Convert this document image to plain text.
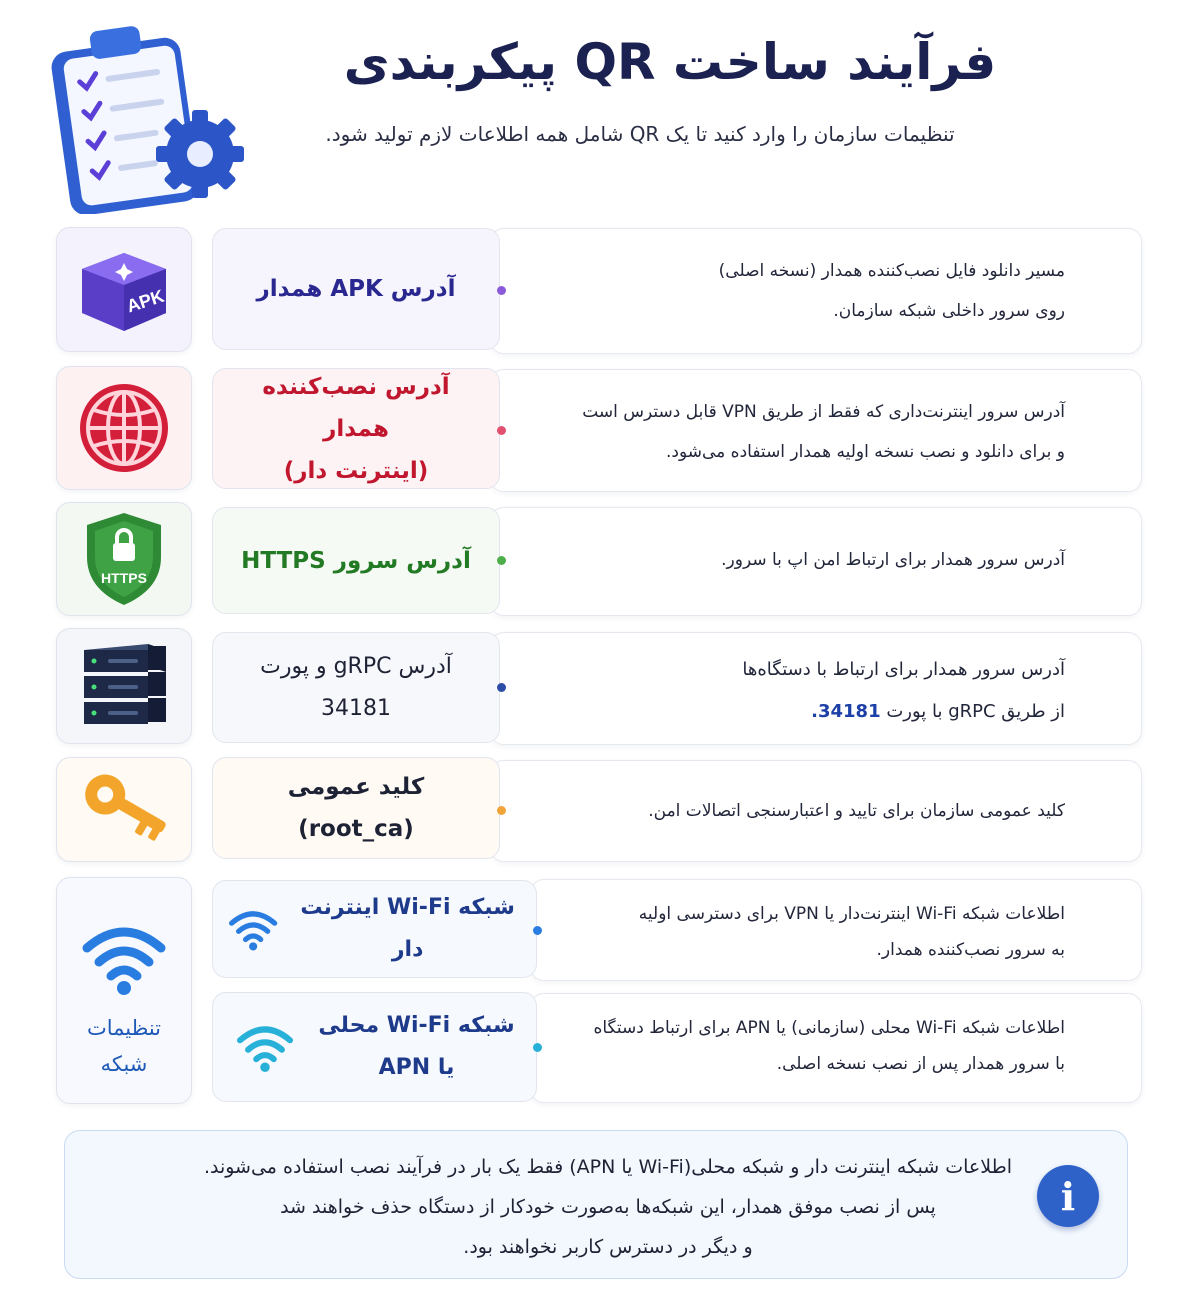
فرآیند ساخت QR پیکربندی
تنظیمات سازمان را وارد کنید تا یک QR شامل همه اطلاعات لازم تولید شود.
مسیر دانلود فایل نصب‌کننده همدار (نسخه اصلی)
روی سرور داخلی شبکه سازمان.
آدرس APK همدار
APK
آدرس سرور اینترنت‌داری که فقط از طریق VPN قابل دسترس است
و برای دانلود و نصب نسخه اولیه همدار استفاده می‌شود.
آدرس نصب‌کننده همدار
(اینترنت دار)
آدرس سرور همدار برای ارتباط امن اپ با سرور.
آدرس سرور HTTPS
HTTPS
آدرس سرور همدار برای ارتباط با دستگاه‌ها
از طریق gRPC با پورت 34181.
آدرس gRPC و پورت 34181
کلید عمومی سازمان برای تایید و اعتبارسنجی اتصالات امن.
کلید عمومی (root_ca)
تنظیمات
شبکه
اطلاعات شبکه Wi-Fi اینترنت‌دار یا VPN برای دسترسی اولیه
به سرور نصب‌کننده همدار.
شبکه Wi-Fi اینترنت دار
اطلاعات شبکه Wi-Fi محلی (سازمانی) یا APN برای ارتباط دستگاه
با سرور همدار پس از نصب نسخه اصلی.
شبکه Wi-Fi محلی
یا APN
اطلاعات شبکه اینترنت دار و شبکه محلی(Wi-Fi یا APN) فقط یک بار در فرآیند نصب استفاده می‌شوند.
پس از نصب موفق همدار، این شبکه‌ها به‌صورت خودکار از دستگاه حذف خواهند شد
و دیگر در دسترس کاربر نخواهند بود.
i
